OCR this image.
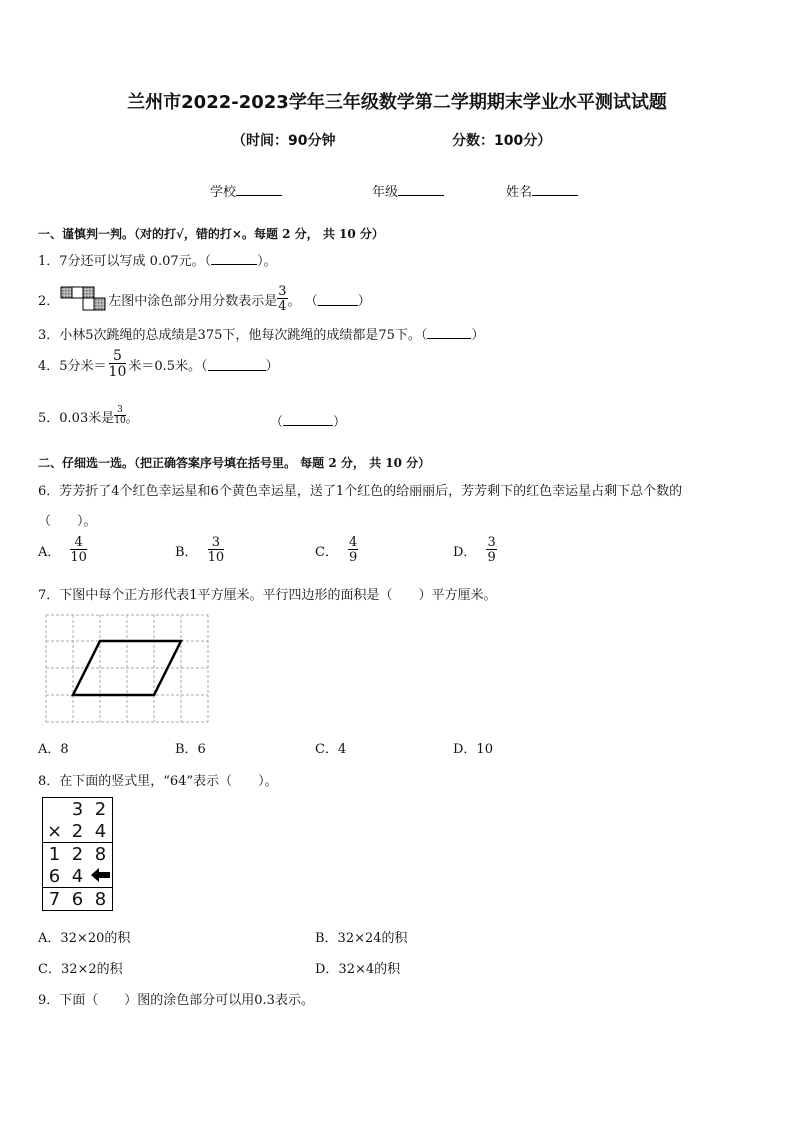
兰州市2022-2023学年三年级数学第二学期期末学业水平测试试题
（时间：90分钟	分数：100分）
学校	年级	姓名
一、谨慎判一判。（对的打√，错的打×。每题 2 分， 共 10 分）
1．7分还可以写成 0.07元。（	）。
2．	左图中涂色部分用分数表示是 $\frac{3}{4}$ 。 （	）
3．小林5次跳绳的总成绩是375下，他每次跳绳的成绩都是75下。（	）
4．5分米＝ $\frac{5}{10}$ 米＝0.5米。（	）
5．0.03米是 $\frac{3}{10}$ 。	（	）
二、仔细选一选。（把正确答案序号填在括号里。 每题 2 分， 共 10 分）
6．芳芳折了4个红色幸运星和6个黄色幸运星，送了1个红色的给丽丽后，芳芳剩下的红色幸运星占剩下总个数的
（　　）。
A． $\frac{4}{10}$	B． $\frac{3}{10}$	C． $\frac{4}{9}$	D． $\frac{3}{9}$
7．下图中每个正方形代表1平方厘米。平行四边形的面积是（　　）平方厘米。
A．8	B．6	C．4	D．10
8．在下面的竖式里，“64”表示（　　）。
	3	2
×	2	4
1	2	8
6	4	
7	6	8
A．32×20的积	B．32×24的积
C．32×2的积	D．32×4的积
9．下面（　　）图的涂色部分可以用0.3表示。
